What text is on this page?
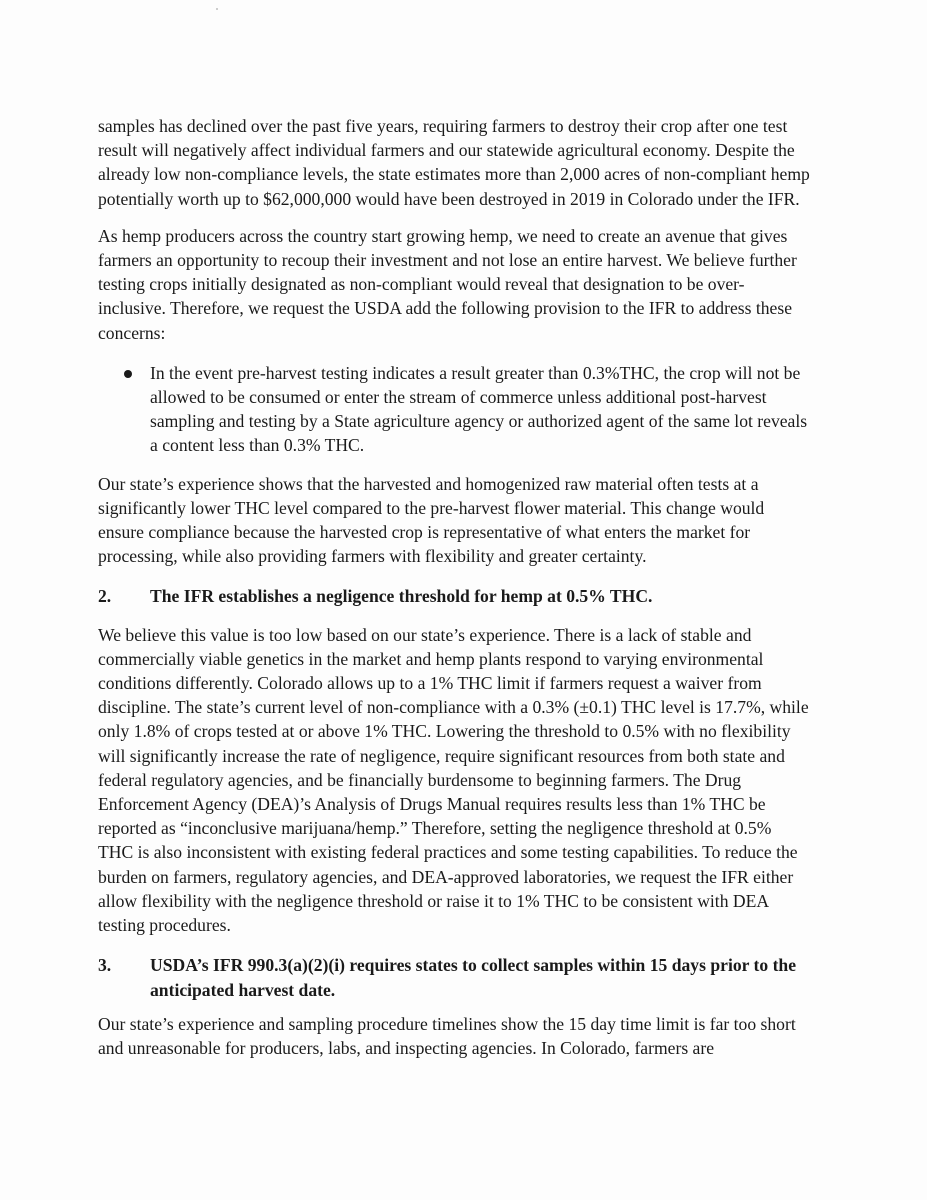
samples has declined over the past five years, requiring farmers to destroy their crop after one test result will negatively affect individual farmers and our statewide agricultural economy. Despite the already low non-compliance levels, the state estimates more than 2,000 acres of non-compliant hemp potentially worth up to $62,000,000 would have been destroyed in 2019 in Colorado under the IFR.

As hemp producers across the country start growing hemp, we need to create an avenue that gives farmers an opportunity to recoup their investment and not lose an entire harvest. We believe further testing crops initially designated as non-compliant would reveal that designation to be over-inclusive. Therefore, we request the USDA add the following provision to the IFR to address these concerns:

In the event pre-harvest testing indicates a result greater than 0.3%THC, the crop will not be allowed to be consumed or enter the stream of commerce unless additional post-harvest sampling and testing by a State agriculture agency or authorized agent of the same lot reveals a content less than 0.3% THC.

Our state’s experience shows that the harvested and homogenized raw material often tests at a significantly lower THC level compared to the pre-harvest flower material. This change would ensure compliance because the harvested crop is representative of what enters the market for processing, while also providing farmers with flexibility and greater certainty.

2. The IFR establishes a negligence threshold for hemp at 0.5% THC.

We believe this value is too low based on our state’s experience. There is a lack of stable and commercially viable genetics in the market and hemp plants respond to varying environmental conditions differently. Colorado allows up to a 1% THC limit if farmers request a waiver from discipline. The state’s current level of non-compliance with a 0.3% (±0.1) THC level is 17.7%, while only 1.8% of crops tested at or above 1% THC. Lowering the threshold to 0.5% with no flexibility will significantly increase the rate of negligence, require significant resources from both state and federal regulatory agencies, and be financially burdensome to beginning farmers. The Drug Enforcement Agency (DEA)’s Analysis of Drugs Manual requires results less than 1% THC be reported as “inconclusive marijuana/hemp.” Therefore, setting the negligence threshold at 0.5% THC is also inconsistent with existing federal practices and some testing capabilities. To reduce the burden on farmers, regulatory agencies, and DEA-approved laboratories, we request the IFR either allow flexibility with the negligence threshold or raise it to 1% THC to be consistent with DEA testing procedures.

3. USDA’s IFR 990.3(a)(2)(i) requires states to collect samples within 15 days prior to the anticipated harvest date.

Our state’s experience and sampling procedure timelines show the 15 day time limit is far too short and unreasonable for producers, labs, and inspecting agencies. In Colorado, farmers are
